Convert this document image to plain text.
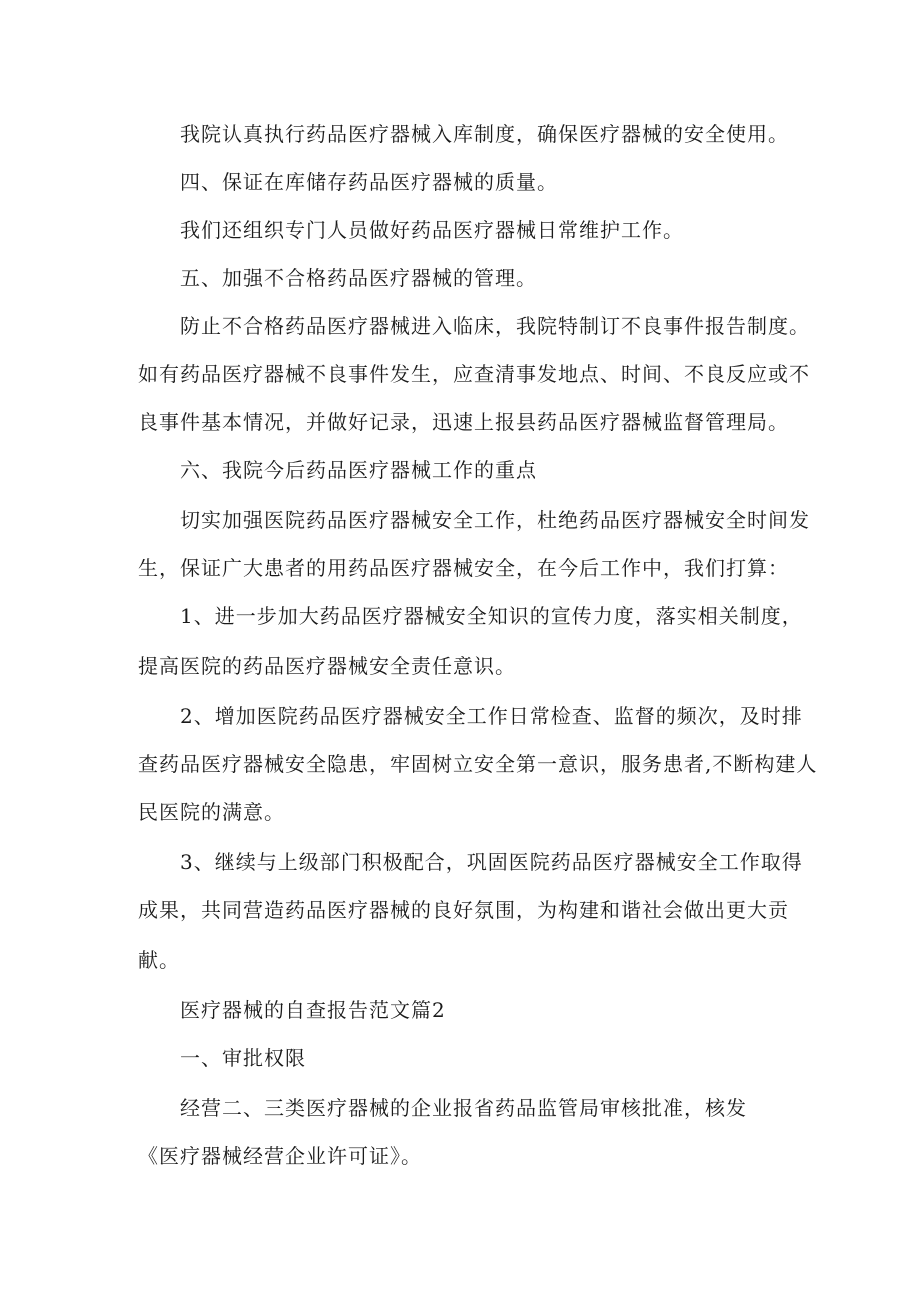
我院认真执行药品医疗器械入库制度，确保医疗器械的安全使用。
四、保证在库储存药品医疗器械的质量。
我们还组织专门人员做好药品医疗器械日常维护工作。
五、加强不合格药品医疗器械的管理。
防止不合格药品医疗器械进入临床，我院特制订不良事件报告制度。
如有药品医疗器械不良事件发生，应查清事发地点、时间、不良反应或不
良事件基本情况，并做好记录，迅速上报县药品医疗器械监督管理局。
六、我院今后药品医疗器械工作的重点
切实加强医院药品医疗器械安全工作，杜绝药品医疗器械安全时间发
生，保证广大患者的用药品医疗器械安全，在今后工作中，我们打算：
1、进一步加大药品医疗器械安全知识的宣传力度，落实相关制度，
提高医院的药品医疗器械安全责任意识。
2、增加医院药品医疗器械安全工作日常检查、监督的频次，及时排
查药品医疗器械安全隐患，牢固树立安全第一意识，服务患者,不断构建人
民医院的满意。
3、继续与上级部门积极配合，巩固医院药品医疗器械安全工作取得
成果，共同营造药品医疗器械的良好氛围，为构建和谐社会做出更大贡
献。
医疗器械的自查报告范文篇2
一、审批权限
经营二、三类医疗器械的企业报省药品监管局审核批准，核发
《医疗器械经营企业许可证》。
